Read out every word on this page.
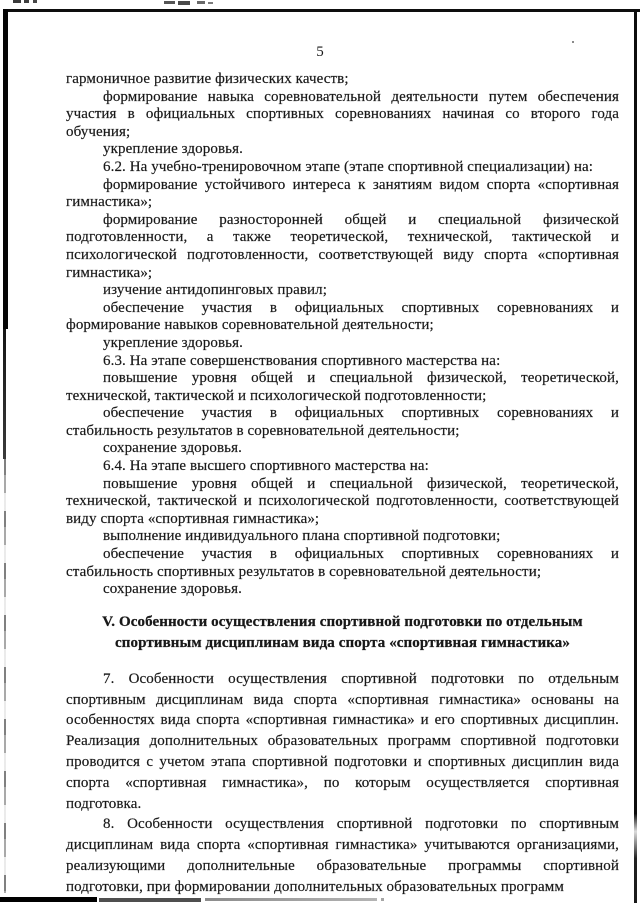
5

гармоничное развитие физических качеств;

формирование навыка соревновательной деятельности путем обеспечения участия в официальных спортивных соревнованиях начиная со второго года обучения;

укрепление здоровья.

6.2. На учебно-тренировочном этапе (этапе спортивной специализации) на:

формирование устойчивого интереса к занятиям видом спорта «спортивная гимнастика»;

формирование разносторонней общей и специальной физической подготовленности, а также теоретической, технической, тактической и психологической подготовленности, соответствующей виду спорта «спортивная гимнастика»;

изучение антидопинговых правил;

обеспечение участия в официальных спортивных соревнованиях и формирование навыков соревновательной деятельности;

укрепление здоровья.

6.3. На этапе совершенствования спортивного мастерства на:

повышение уровня общей и специальной физической, теоретической, технической, тактической и психологической подготовленности;

обеспечение участия в официальных спортивных соревнованиях и стабильность результатов в соревновательной деятельности;

сохранение здоровья.

6.4. На этапе высшего спортивного мастерства на:

повышение уровня общей и специальной физической, теоретической, технической, тактической и психологической подготовленности, соответствующей виду спорта «спортивная гимнастика»;

выполнение индивидуального плана спортивной подготовки;

обеспечение участия в официальных спортивных соревнованиях и стабильность спортивных результатов в соревновательной деятельности;

сохранение здоровья.

V. Особенности осуществления спортивной подготовки по отдельным
спортивным дисциплинам вида спорта «спортивная гимнастика»

7. Особенности осуществления спортивной подготовки по отдельным спортивным дисциплинам вида спорта «спортивная гимнастика» основаны на особенностях вида спорта «спортивная гимнастика» и его спортивных дисциплин. Реализация дополнительных образовательных программ спортивной подготовки проводится с учетом этапа спортивной подготовки и спортивных дисциплин вида спорта «спортивная гимнастика», по которым осуществляется спортивная подготовка.

8. Особенности осуществления спортивной подготовки по спортивным дисциплинам вида спорта «спортивная гимнастика» учитываются организациями, реализующими дополнительные образовательные программы спортивной подготовки, при формировании дополнительных образовательных программ
